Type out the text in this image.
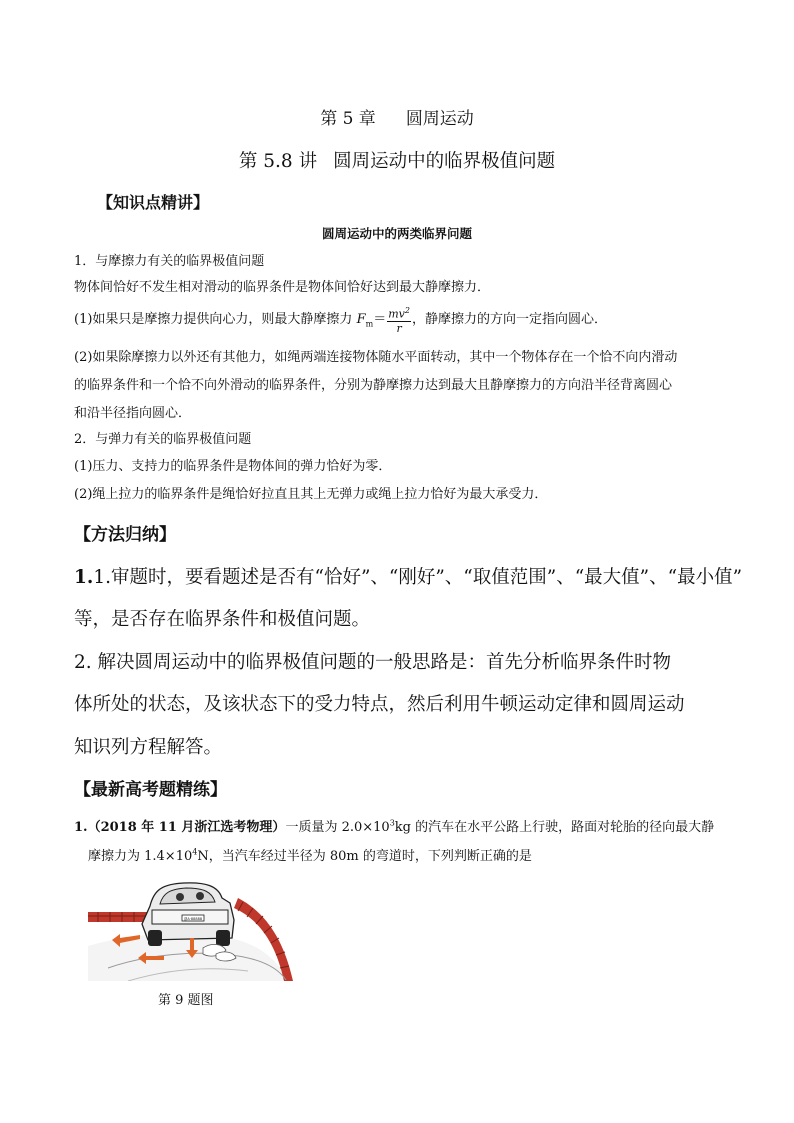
第 5 章 圆周运动
第 5.8 讲 圆周运动中的临界极值问题
【知识点精讲】
圆周运动中的两类临界问题
1．与摩擦力有关的临界极值问题
物体间恰好不发生相对滑动的临界条件是物体间恰好达到最大静摩擦力．
(1)如果只是摩擦力提供向心力，则最大静摩擦力 $F_m= \frac{mv^2}{r}$ ，静摩擦力的方向一定指向圆心．
(2)如果除摩擦力以外还有其他力，如绳两端连接物体随水平面转动，其中一个物体存在一个恰不向内滑动
的临界条件和一个恰不向外滑动的临界条件，分别为静摩擦力达到最大且静摩擦力的方向沿半径背离圆心
和沿半径指向圆心．
2．与弹力有关的临界极值问题
(1)压力、支持力的临界条件是物体间的弹力恰好为零．
(2)绳上拉力的临界条件是绳恰好拉直且其上无弹力或绳上拉力恰好为最大承受力．
【方法归纳】
1.1.审题时，要看题述是否有“恰好”、“刚好”、“取值范围”、“最大值”、“最小值”
等，是否存在临界条件和极值问题。
2. 解决圆周运动中的临界极值问题的一般思路是：首先分析临界条件时物
体所处的状态，及该状态下的受力特点，然后利用牛顿运动定律和圆周运动
知识列方程解答。
【最新高考题精练】
1.（2018 年 11 月浙江选考物理）一质量为 $2.0\times 10^3kg$ 的汽车在水平公路上行驶，路面对轮胎的径向最大静
摩擦力为 $1.4\times 10^4N$，当汽车经过半径为 80m 的弯道时，下列判断正确的是
浙A·88888
第 9 题图
